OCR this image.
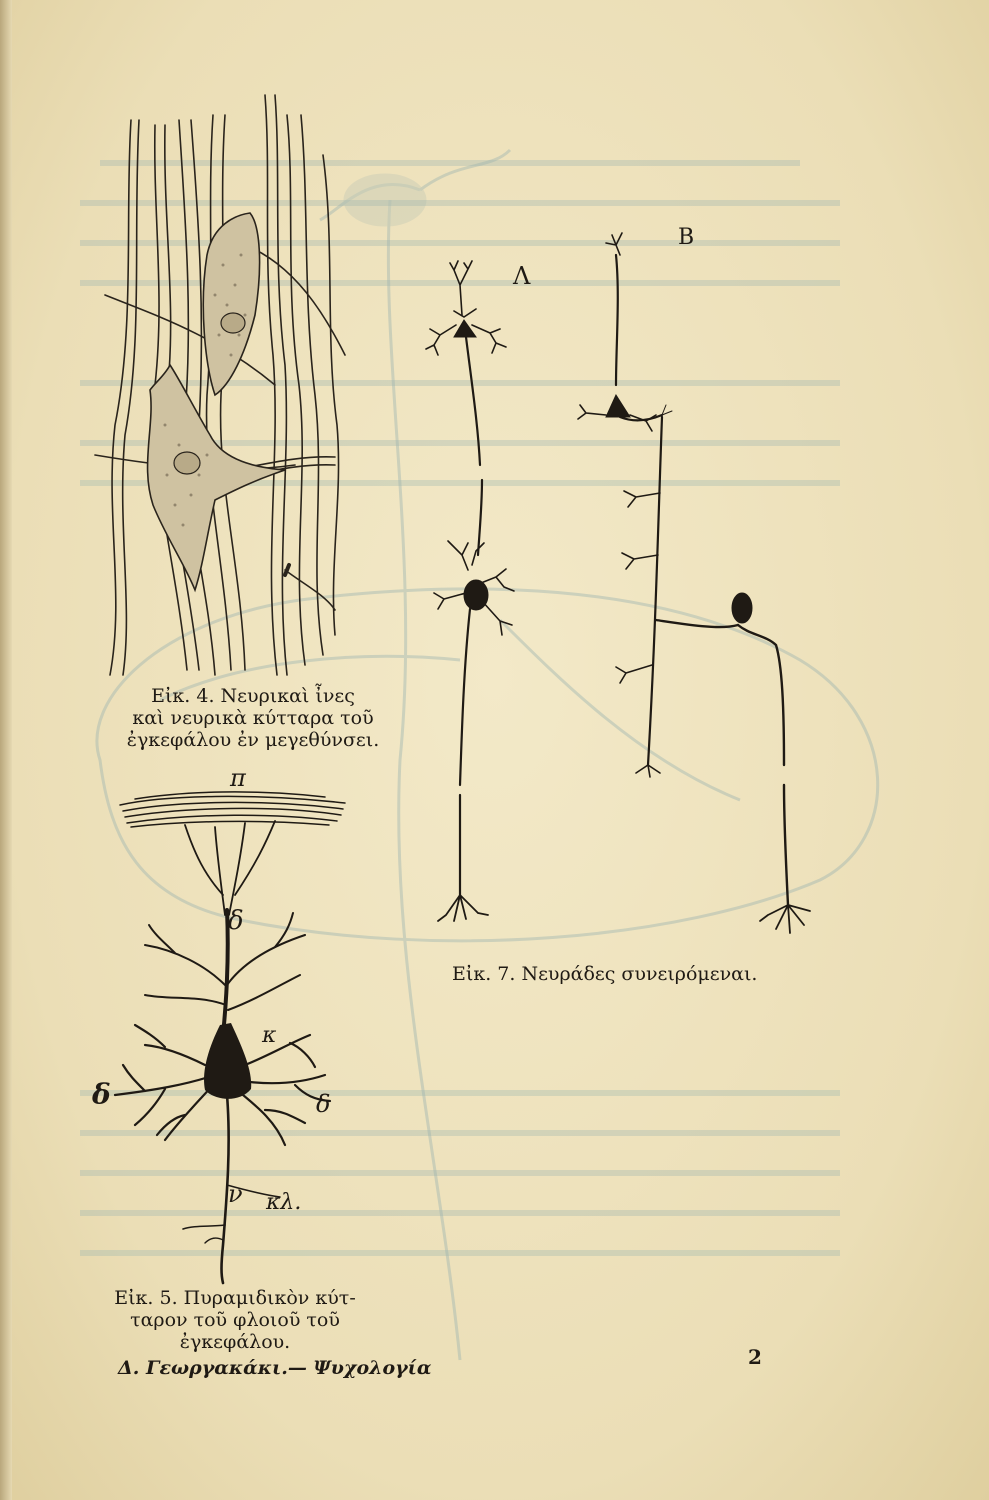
Εἰκ. 4. Νευρικαὶ ἶνες
καὶ νευρικὰ κύτταρα τοῦ
ἐγκεφάλου ἐν μεγεθύνσει.
π
δ
κ
δ	δ
ν κλ.
Εἰκ. 5. Πυραμιδικὸν κύτ-
ταρον τοῦ φλοιοῦ τοῦ
ἐγκεφάλου.
Λ
Β
Εἰκ. 7. Νευράδες συνειρόμεναι.
Δ. Γεωργακάκι.— Ψυχολογία	2
